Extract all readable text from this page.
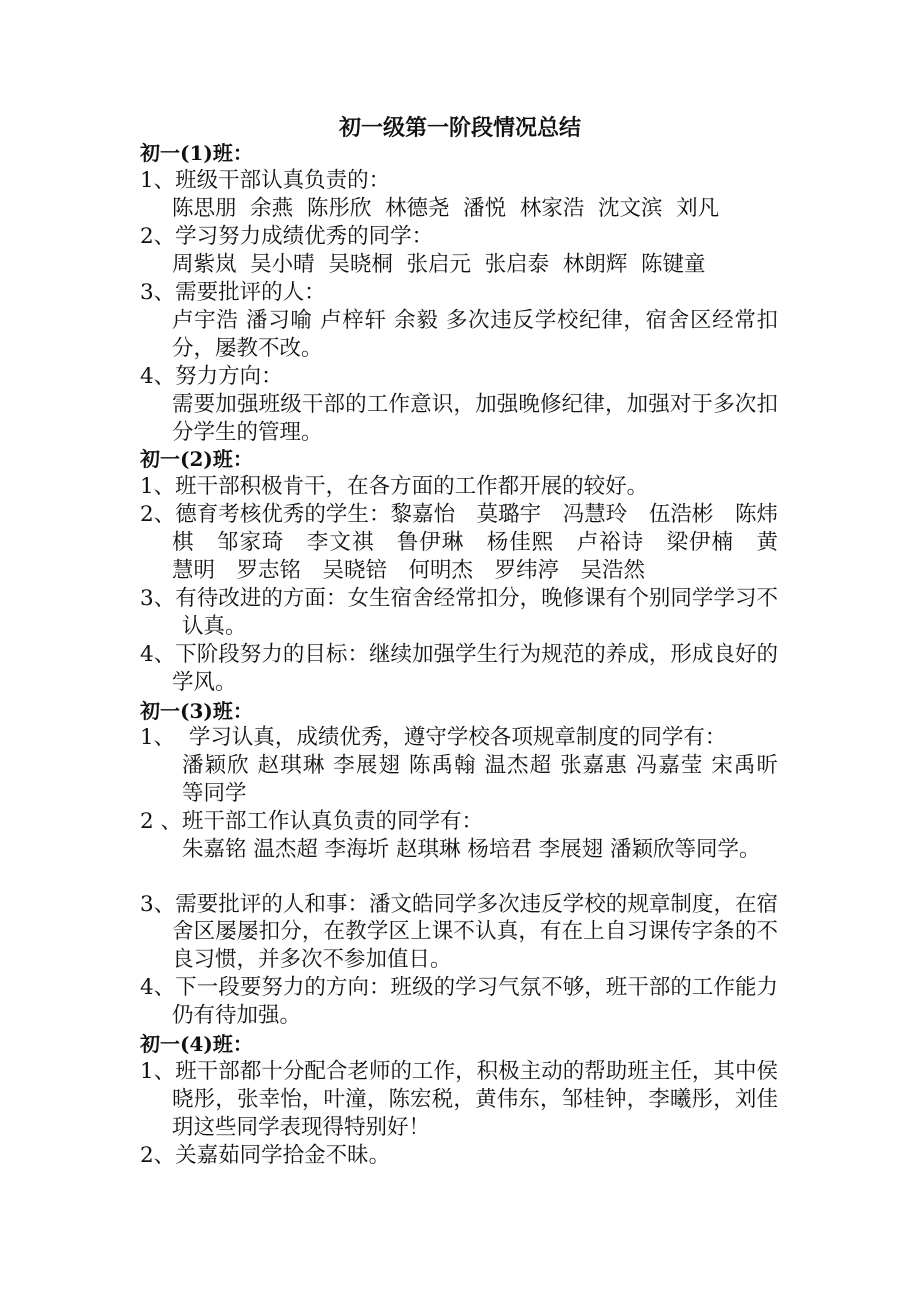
初一级第一阶段情况总结
初一(1)班：
1、班级干部认真负责的：
陈思朋  余燕  陈彤欣  林德尧  潘悦  林家浩  沈文滨  刘凡
2、学习努力成绩优秀的同学：
周紫岚  吴小晴  吴晓桐  张启元  张启泰  林朗辉  陈键童
3、需要批评的人：
卢宇浩 潘习喻 卢梓轩 余毅 多次违反学校纪律，宿舍区经常扣
分，屡教不改。
4、努力方向：
需要加强班级干部的工作意识，加强晚修纪律，加强对于多次扣
分学生的管理。
初一(2)班：
1、班干部积极肯干，在各方面的工作都开展的较好。
2、德育考核优秀的学生：黎嘉怡　莫璐宇　冯慧玲　伍浩彬　陈炜
棋　邹家琦　李文祺　鲁伊琳　杨佳熙　卢裕诗　梁伊楠　黄
慧明　罗志铭　吴晓锫　何明杰　罗纬渟　吴浩然
3、有待改进的方面：女生宿舍经常扣分，晚修课有个别同学学习不
认真。
4、下阶段努力的目标：继续加强学生行为规范的养成，形成良好的
学风。
初一(3)班：
1、  学习认真，成绩优秀，遵守学校各项规章制度的同学有：
潘颖欣 赵琪琳 李展翅 陈禹翰 温杰超 张嘉惠 冯嘉莹 宋禹昕
等同学
2 、班干部工作认真负责的同学有：
朱嘉铭 温杰超 李海圻 赵琪琳 杨培君 李展翅 潘颖欣等同学。
3、需要批评的人和事：潘文皓同学多次违反学校的规章制度，在宿
舍区屡屡扣分，在教学区上课不认真，有在上自习课传字条的不
良习惯，并多次不参加值日。
4、下一段要努力的方向：班级的学习气氛不够，班干部的工作能力
仍有待加强。
初一(4)班：
1、班干部都十分配合老师的工作，积极主动的帮助班主任，其中侯
晓彤，张幸怡，叶潼，陈宏税，黄伟东，邹桂钟，李曦彤，刘佳
玥这些同学表现得特别好！
2、关嘉茹同学拾金不昧。
